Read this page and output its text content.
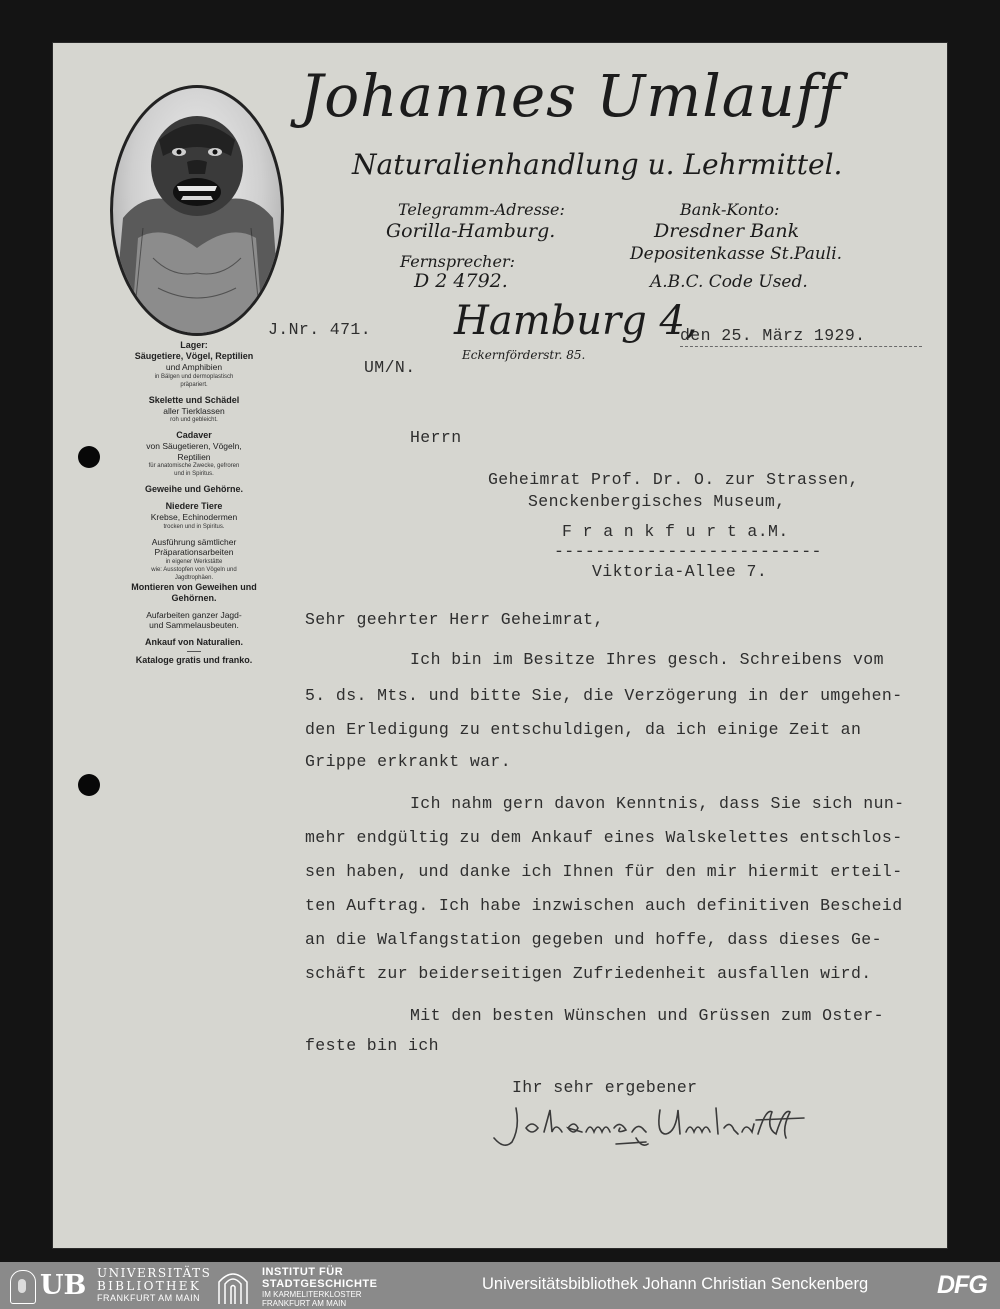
Johannes Umlauff
Naturalienhandlung u. Lehrmittel.
Telegramm-Adresse:
Gorilla-Hamburg.
Fernsprecher:
D 2 4792.
Bank-Konto:
Dresdner Bank
Depositenkasse St.Pauli.
A.B.C. Code Used.
Hamburg 4,
Eckernförderstr. 85.
Lager:
Säugetiere, Vögel, Reptilien
und Amphibien
in Bälgen und dermoplastisch
präpariert.
Skelette und Schädel
aller Tierklassen
roh und gebleicht.
Cadaver
von Säugetieren, Vögeln,
Reptilien
für anatomische Zwecke, gefroren
und in Spiritus.
Geweihe und Gehörne.
Niedere Tiere
Krebse, Echinodermen
trocken und in Spiritus.
Ausführung sämtlicher
Präparationsarbeiten
in eigener Werkstätte
wie: Ausstopfen von Vögeln und
Jagdtrophäen.
Montieren von Geweihen und
Gehörnen.
Aufarbeiten ganzer Jagd-
und Sammelausbeuten.
Ankauf von Naturalien.
Kataloge gratis und franko.
J.Nr. 471.	den 25. März 1929.
UM/N.
Herrn
Geheimrat Prof. Dr. O. zur Strassen,
Senckenbergisches Museum,
F r a n k f u r t a.M.
--------------------------
Viktoria-Allee 7.
Sehr geehrter Herr Geheimrat,
Ich bin im Besitze Ihres gesch. Schreibens vom
5. ds. Mts. und bitte Sie, die Verzögerung in der umgehen-
den Erledigung zu entschuldigen, da ich einige Zeit an
Grippe erkrankt war.
Ich nahm gern davon Kenntnis, dass Sie sich nun-
mehr endgültig zu dem Ankauf eines Walskelettes entschlos-
sen haben, und danke ich Ihnen für den mir hiermit erteil-
ten Auftrag. Ich habe inzwischen auch definitiven Bescheid
an die Walfangstation gegeben und hoffe, dass dieses Ge-
schäft zur beiderseitigen Zufriedenheit ausfallen wird.
Mit den besten Wünschen und Grüssen zum Oster-
feste bin ich
Ihr sehr ergebener
UB UNIVERSITÄTS
BIBLIOTHEK
FRANKFURT AM MAIN
INSTITUT FÜR
STADTGESCHICHTE
IM KARMELITERKLOSTER
FRANKFURT AM MAIN
Universitätsbibliothek Johann Christian Senckenberg	DFG
